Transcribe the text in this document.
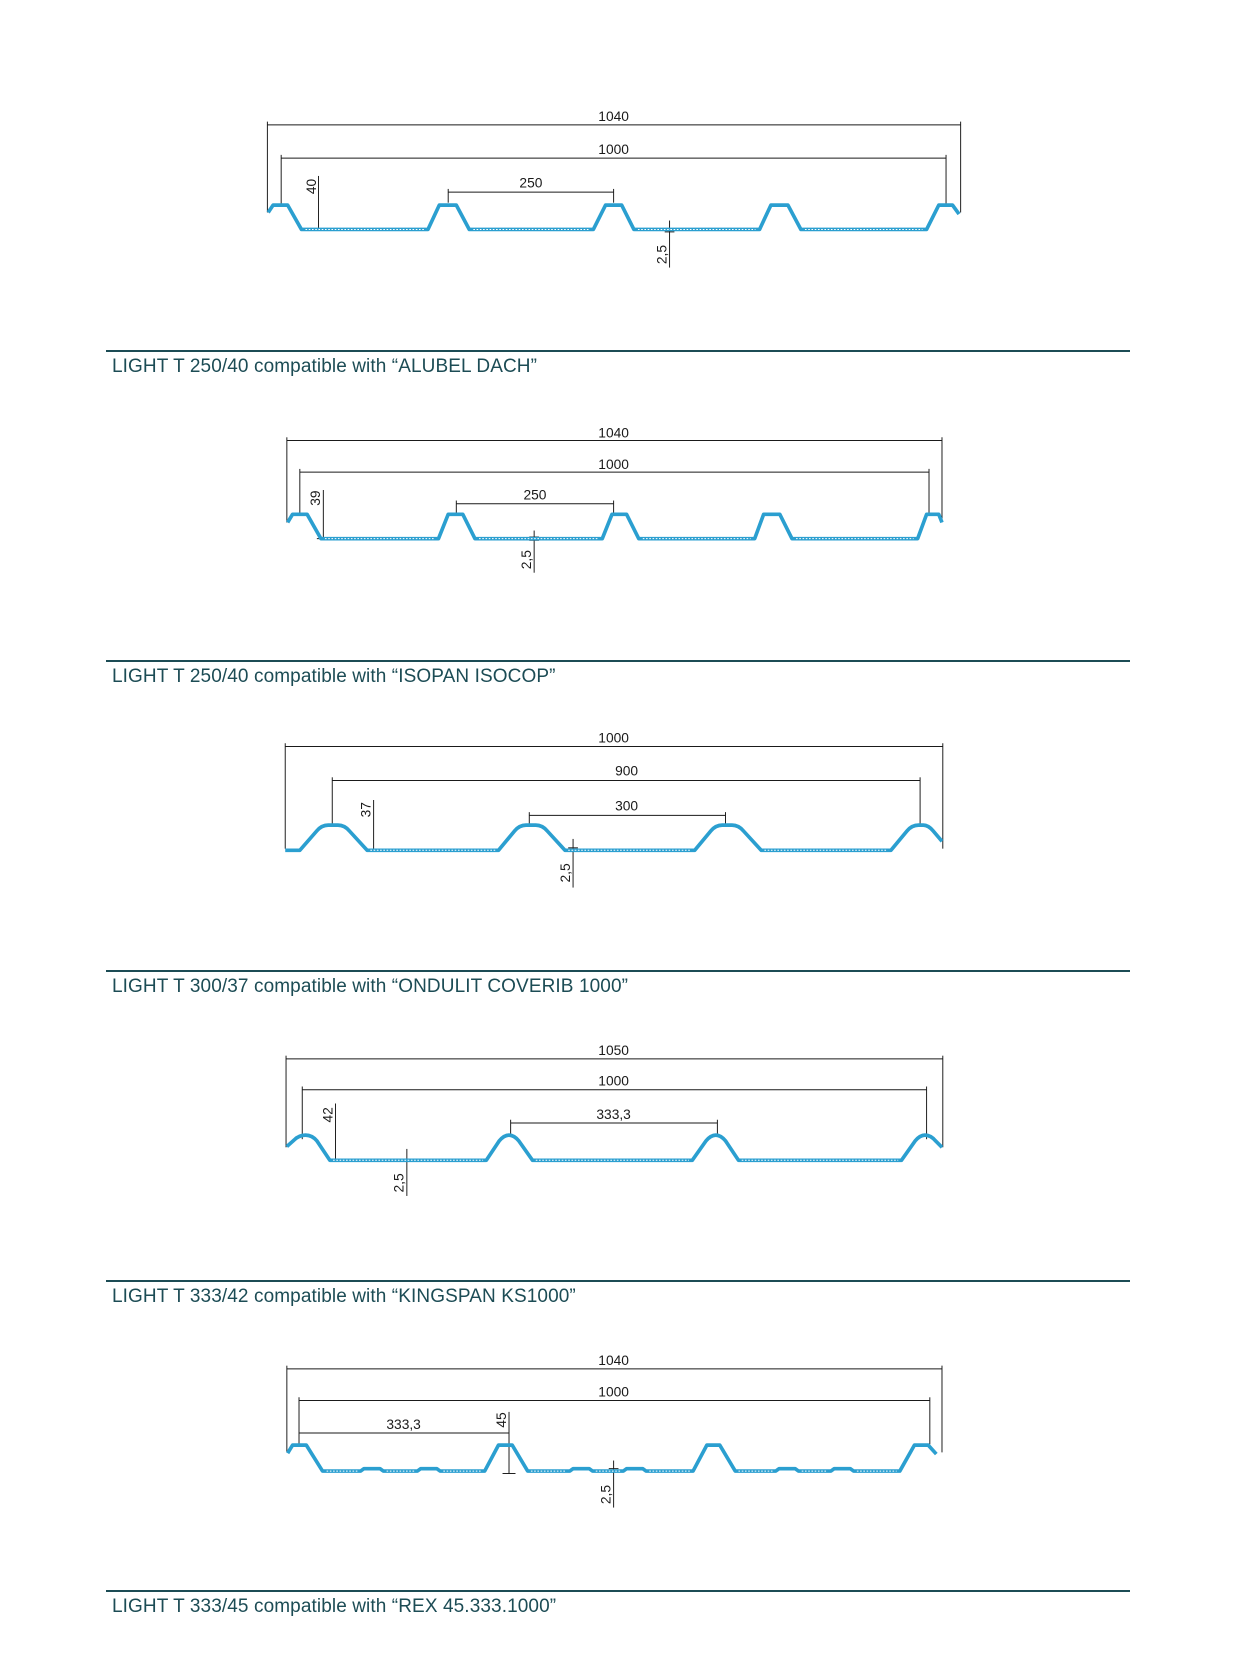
1040
1000
250
40
2,5
LIGHT T 250/40 compatible with “ALUBEL DACH”
1040
1000
250
39
2,5
LIGHT T 250/40 compatible with “ISOPAN ISOCOP”
1000
900
300
37
2,5
LIGHT T 300/37 compatible with “ONDULIT COVERIB 1000”
1050
1000
333,3
42
2,5
LIGHT T 333/42 compatible with “KINGSPAN KS1000”
1040
1000
333,3	45
2,5
LIGHT T 333/45 compatible with “REX 45.333.1000”
